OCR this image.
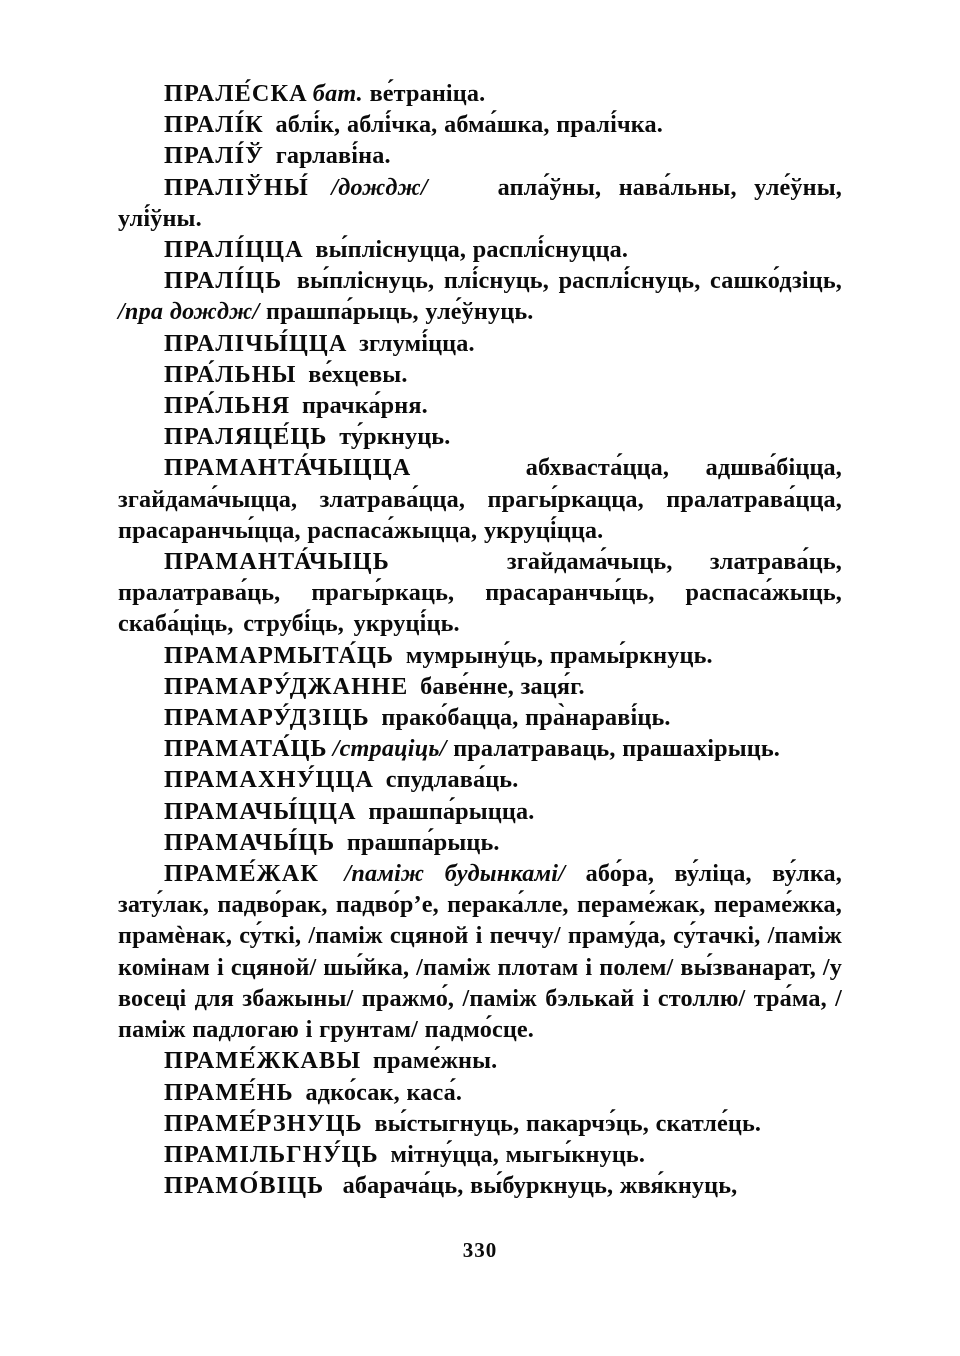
ПРАЛЕ́СКА бат. ве́траніца.

ПРАЛІ́К аблі́к, аблі́чка, абма́шка, пралі́чка.

ПРАЛІ́Ў гарлаві́на.

ПРАЛІЎНЫ́ /дождж/	апла́ўны, нава́льны, уле́ўны, улі́ўны.

ПРАЛІ́ЦЦА вы́пліснуцца, расплі́снуцца.

ПРАЛІ́ЦЬ вы́пліснуць, плі́снуць, расплі́снуць, сашко́дзіць, /пра дождж/ прашпа́рыць, уле́ўнуць.

ПРАЛІЧЫ́ЦЦА зглумі́цца.

ПРА́ЛЬНЫ ве́хцевы.

ПРА́ЛЬНЯ прачка́рня.

ПРАЛЯЦЕ́ЦЬ ту́ркнуць.

ПРАМАНТА́ЧЫЦЦА	абхваста́цца, адшва́біцца, згайдама́чыцца, златрава́цца, прагы́ркацца, пралатрава́цца, прасаранчы́цца, распаса́жыцца, укруці́цца.

ПРАМАНТА́ЧЫЦЬ	згайдама́чыць, златрава́ць, пралатрава́ць, прагы́ркаць, прасаранчы́ць, распаса́жыць, скаба́ціць, струбі́ць, укруці́ць.

ПРАМАРМЫТА́ЦЬ мумрыну́ць, прамы́ркнуць.

ПРАМАРУ́ДЖАННЕ баве́нне, заця́г.

ПРАМАРУ́ДЗІЦЬ прако́бацца, пра̀нараві́ць.

ПРАМАТА́ЦЬ /страціць/ пралатраваць, прашахірыць.

ПРАМАХНУ́ЦЦА спудлава́ць.

ПРАМАЧЫ́ЦЦА прашпа́рыцца.

ПРАМАЧЫ́ЦЬ прашпа́рыць.

ПРАМЕ́ЖАК /паміж будынкамі/ або́ра, ву́ліца, ву́лка, зату́лак, падво́рак, падво́р’е, перака́лле, пераме́жак, пераме́жка, прамѐнак, су́ткі, /паміж сцяной і печчу/ праму́да, су́тачкі, /паміж комінам і сцяной/ шы́йка, /паміж плотам і полем/ вы́званарат, /у восеці для збажыны/ пражмо́, /паміж бэлькай і столлю/ тра́ма, /паміж падлогаю і грунтам/ падмо́сце.

ПРАМЕ́ЖКАВЫ праме́жны.

ПРАМЕ́НЬ адко́сак, каса́.

ПРАМЕ́РЗНУЦЬ вы́стыгнуць, пакарчэ́ць, скатле́ць.

ПРАМІЛЬГНУ́ЦЬ мітну́цца, мыгы́кнуць.

ПРАМО́ВІЦЬ абарача́ць, вы́буркнуць, жвя́кнуць,

330
